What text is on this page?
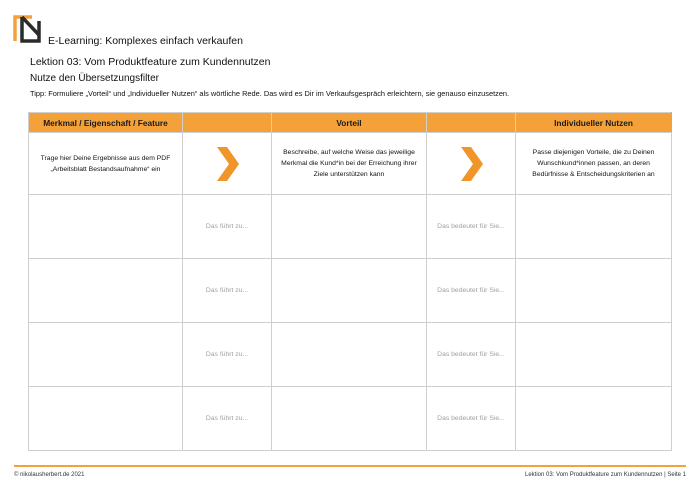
E-Learning: Komplexes einfach verkaufen
Lektion 03: Vom Produktfeature zum Kundennutzen
Nutze den Übersetzungsfilter
Tipp: Formuliere „Vorteil“ und „Individueller Nutzen“ als wörtliche Rede. Das wird es Dir im Verkaufsgespräch erleichtern, sie genauso einzusetzen.
Merkmal / Eigenschaft / Feature		Vorteil		Individueller Nutzen

Trage hier Deine Ergebnisse aus dem PDF „Arbeitsblatt Bestandsaufnahme“ ein		Beschreibe, auf welche Weise das jeweilige Merkmal die Kund*in bei der Erreichung ihrer Ziele unterstützen kann		Passe diejenigen Vorteile, die zu Deinen Wunschkund*innen passen, an deren Bedürfnisse & Entscheidungskriterien an

	Das führt zu...		Das bedeutet für Sie...	
	Das führt zu...		Das bedeutet für Sie...	
	Das führt zu...		Das bedeutet für Sie...	
	Das führt zu...		Das bedeutet für Sie...	
© nikolausherbert.de 2021	Lektion 03: Vom Produktfeature zum Kundennutzen | Seite 1
